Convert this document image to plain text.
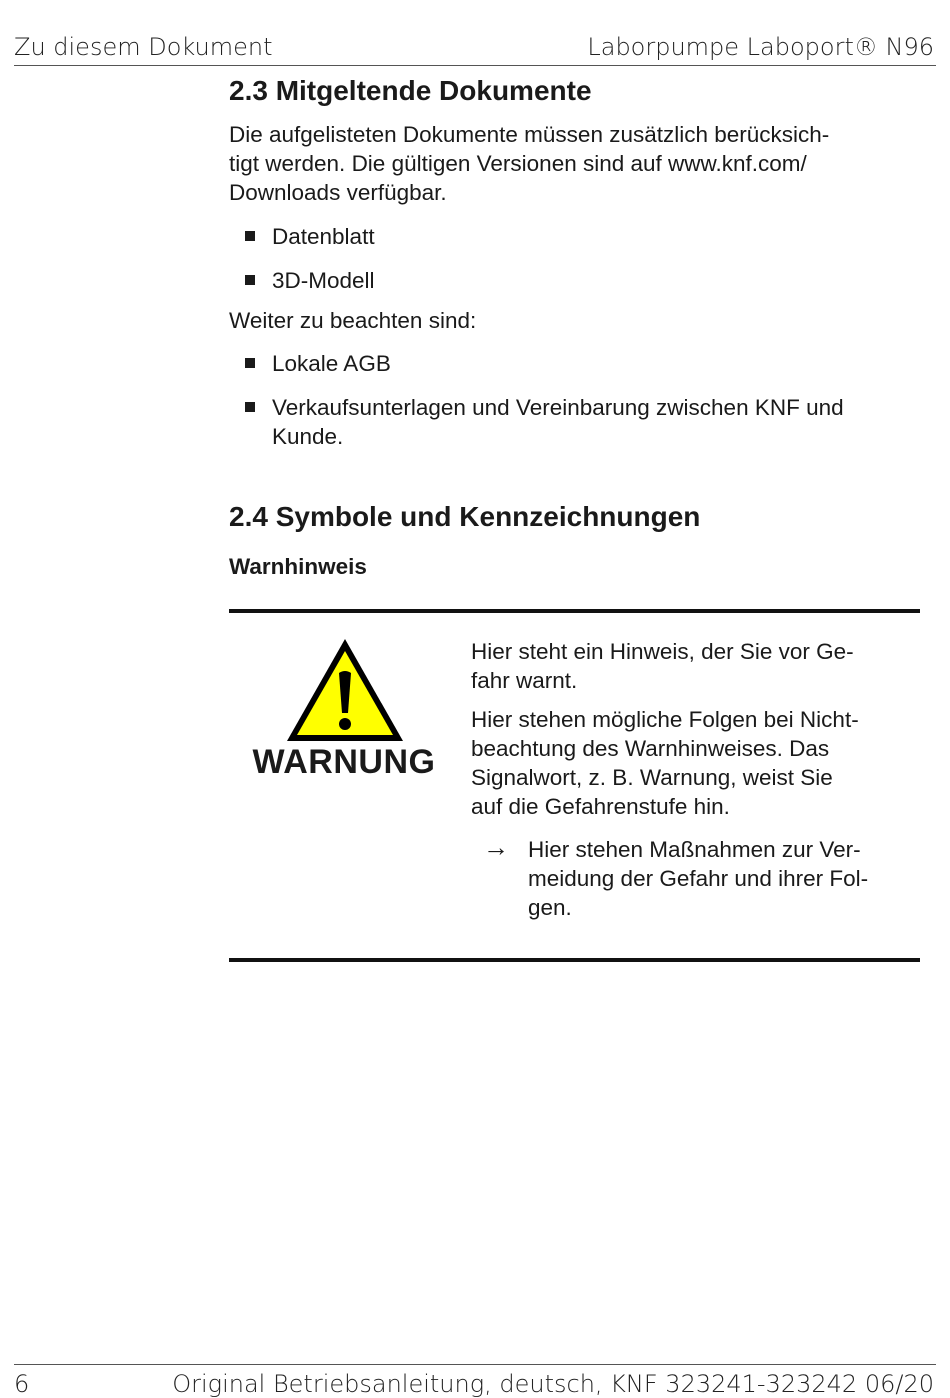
Zu diesem Dokument	Laborpumpe Laboport® N96
2.3 Mitgeltende Dokumente

Die aufgelisteten Dokumente müssen zusätzlich berücksich-
tigt werden. Die gültigen Versionen sind auf www.knf.com/
Downloads verfügbar.

Datenblatt
3D-Modell

Weiter zu beachten sind:

Lokale AGB
Verkaufsunterlagen und Vereinbarung zwischen KNF und
Kunde.
2.4 Symbole und Kennzeichnungen

Warnhinweis

WARNUNG

Hier steht ein Hinweis, der Sie vor Ge-
fahr warnt.

Hier stehen mögliche Folgen bei Nicht-
beachtung des Warnhinweises. Das
Signalwort, z. B. Warnung, weist Sie
auf die Gefahrenstufe hin.

→ Hier stehen Maßnahmen zur Ver-
meidung der Gefahr und ihrer Fol-
gen.
6	Original Betriebsanleitung, deutsch, KNF 323241-323242 06/20
